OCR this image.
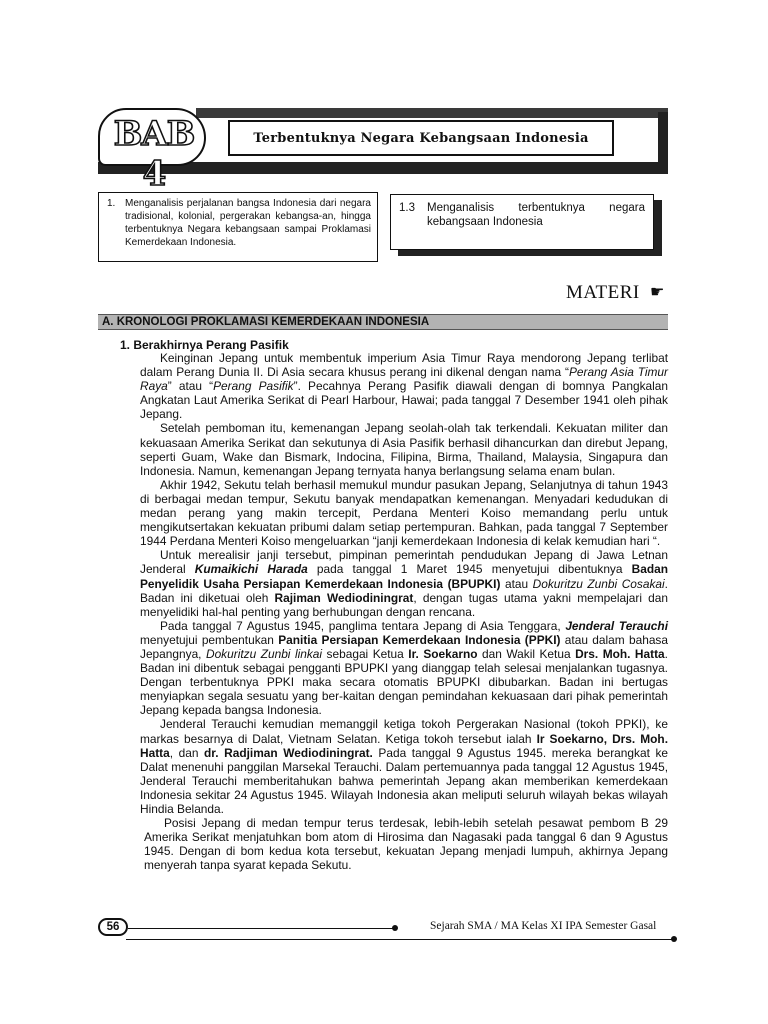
BAB 4
Terbentuknya Negara Kebangsaan Indonesia
1. Menganalisis perjalanan bangsa Indonesia dari negara tradisional, kolonial, pergerakan kebangsa-an, hingga terbentuknya Negara kebangsaan sampai Proklamasi Kemerdekaan Indonesia.
1.3 Menganalisis terbentuknya negara kebangsaan Indonesia
MATERI ☛
A. KRONOLOGI PROKLAMASI KEMERDEKAAN INDONESIA
1. Berakhirnya Perang Pasifik

Keinginan Jepang untuk membentuk imperium Asia Timur Raya mendorong Jepang terlibat dalam Perang Dunia II. Di Asia secara khusus perang ini dikenal dengan nama “Perang Asia Timur Raya” atau “Perang Pasifik”. Pecahnya Perang Pasifik diawali dengan di bomnya Pangkalan Angkatan Laut Amerika Serikat di Pearl Harbour, Hawai; pada tanggal 7 Desember 1941 oleh pihak Jepang.

Setelah pemboman itu, kemenangan Jepang seolah-olah tak terkendali. Kekuatan militer dan kekuasaan Amerika Serikat dan sekutunya di Asia Pasifik berhasil dihancurkan dan direbut Jepang, seperti Guam, Wake dan Bismark, Indocina, Filipina, Birma, Thailand, Malaysia, Singapura dan Indonesia. Namun, kemenangan Jepang ternyata hanya berlangsung selama enam bulan.

Akhir 1942, Sekutu telah berhasil memukul mundur pasukan Jepang, Selanjutnya di tahun 1943 di berbagai medan tempur, Sekutu banyak mendapatkan kemenangan. Menyadari kedudukan di medan perang yang makin tercepit, Perdana Menteri Koiso memandang perlu untuk mengikutsertakan kekuatan pribumi dalam setiap pertempuran. Bahkan, pada tanggal 7 September 1944 Perdana Menteri Koiso mengeluarkan “janji kemerdekaan Indonesia di kelak kemudian hari “.

Untuk merealisir janji tersebut, pimpinan pemerintah pendudukan Jepang di Jawa Letnan Jenderal Kumaikichi Harada pada tanggal 1 Maret 1945 menyetujui dibentuknya Badan Penyelidik Usaha Persiapan Kemerdekaan Indonesia (BPUPKI) atau Dokuritzu Zunbi Cosakai. Badan ini diketuai oleh Rajiman Wediodiningrat, dengan tugas utama yakni mempelajari dan menyelidiki hal-hal penting yang berhubungan dengan rencana.

Pada tanggal 7 Agustus 1945, panglima tentara Jepang di Asia Tenggara, Jenderal Terauchi menyetujui pembentukan Panitia Persiapan Kemerdekaan Indonesia (PPKI) atau dalam bahasa Jepangnya, Dokuritzu Zunbi linkai sebagai Ketua Ir. Soekarno dan Wakil Ketua Drs. Moh. Hatta. Badan ini dibentuk sebagai pengganti BPUPKI yang dianggap telah selesai menjalankan tugasnya. Dengan terbentuknya PPKI maka secara otomatis BPUPKI dibubarkan. Badan ini bertugas menyiapkan segala sesuatu yang ber-kaitan dengan pemindahan kekuasaan dari pihak pemerintah Jepang kepada bangsa Indonesia.

Jenderal Terauchi kemudian memanggil ketiga tokoh Pergerakan Nasional (tokoh PPKI), ke markas besarnya di Dalat, Vietnam Selatan. Ketiga tokoh tersebut ialah Ir Soekarno, Drs. Moh. Hatta, dan dr. Radjiman Wediodiningrat. Pada tanggal 9 Agustus 1945. mereka berangkat ke Dalat menenuhi panggilan Marsekal Terauchi. Dalam pertemuannya pada tanggal 12 Agustus 1945, Jenderal Terauchi memberitahukan bahwa pemerintah Jepang akan memberikan kemerdekaan Indonesia sekitar 24 Agustus 1945. Wilayah Indonesia akan meliputi seluruh wilayah bekas wilayah Hindia Belanda.

Posisi Jepang di medan tempur terus terdesak, lebih-lebih setelah pesawat pembom B 29 Amerika Serikat menjatuhkan bom atom di Hirosima dan Nagasaki pada tanggal 6 dan 9 Agustus 1945. Dengan di bom kedua kota tersebut, kekuatan Jepang menjadi lumpuh, akhirnya Jepang menyerah tanpa syarat kepada Sekutu.

56	Sejarah SMA / MA Kelas XI IPA Semester Gasal
